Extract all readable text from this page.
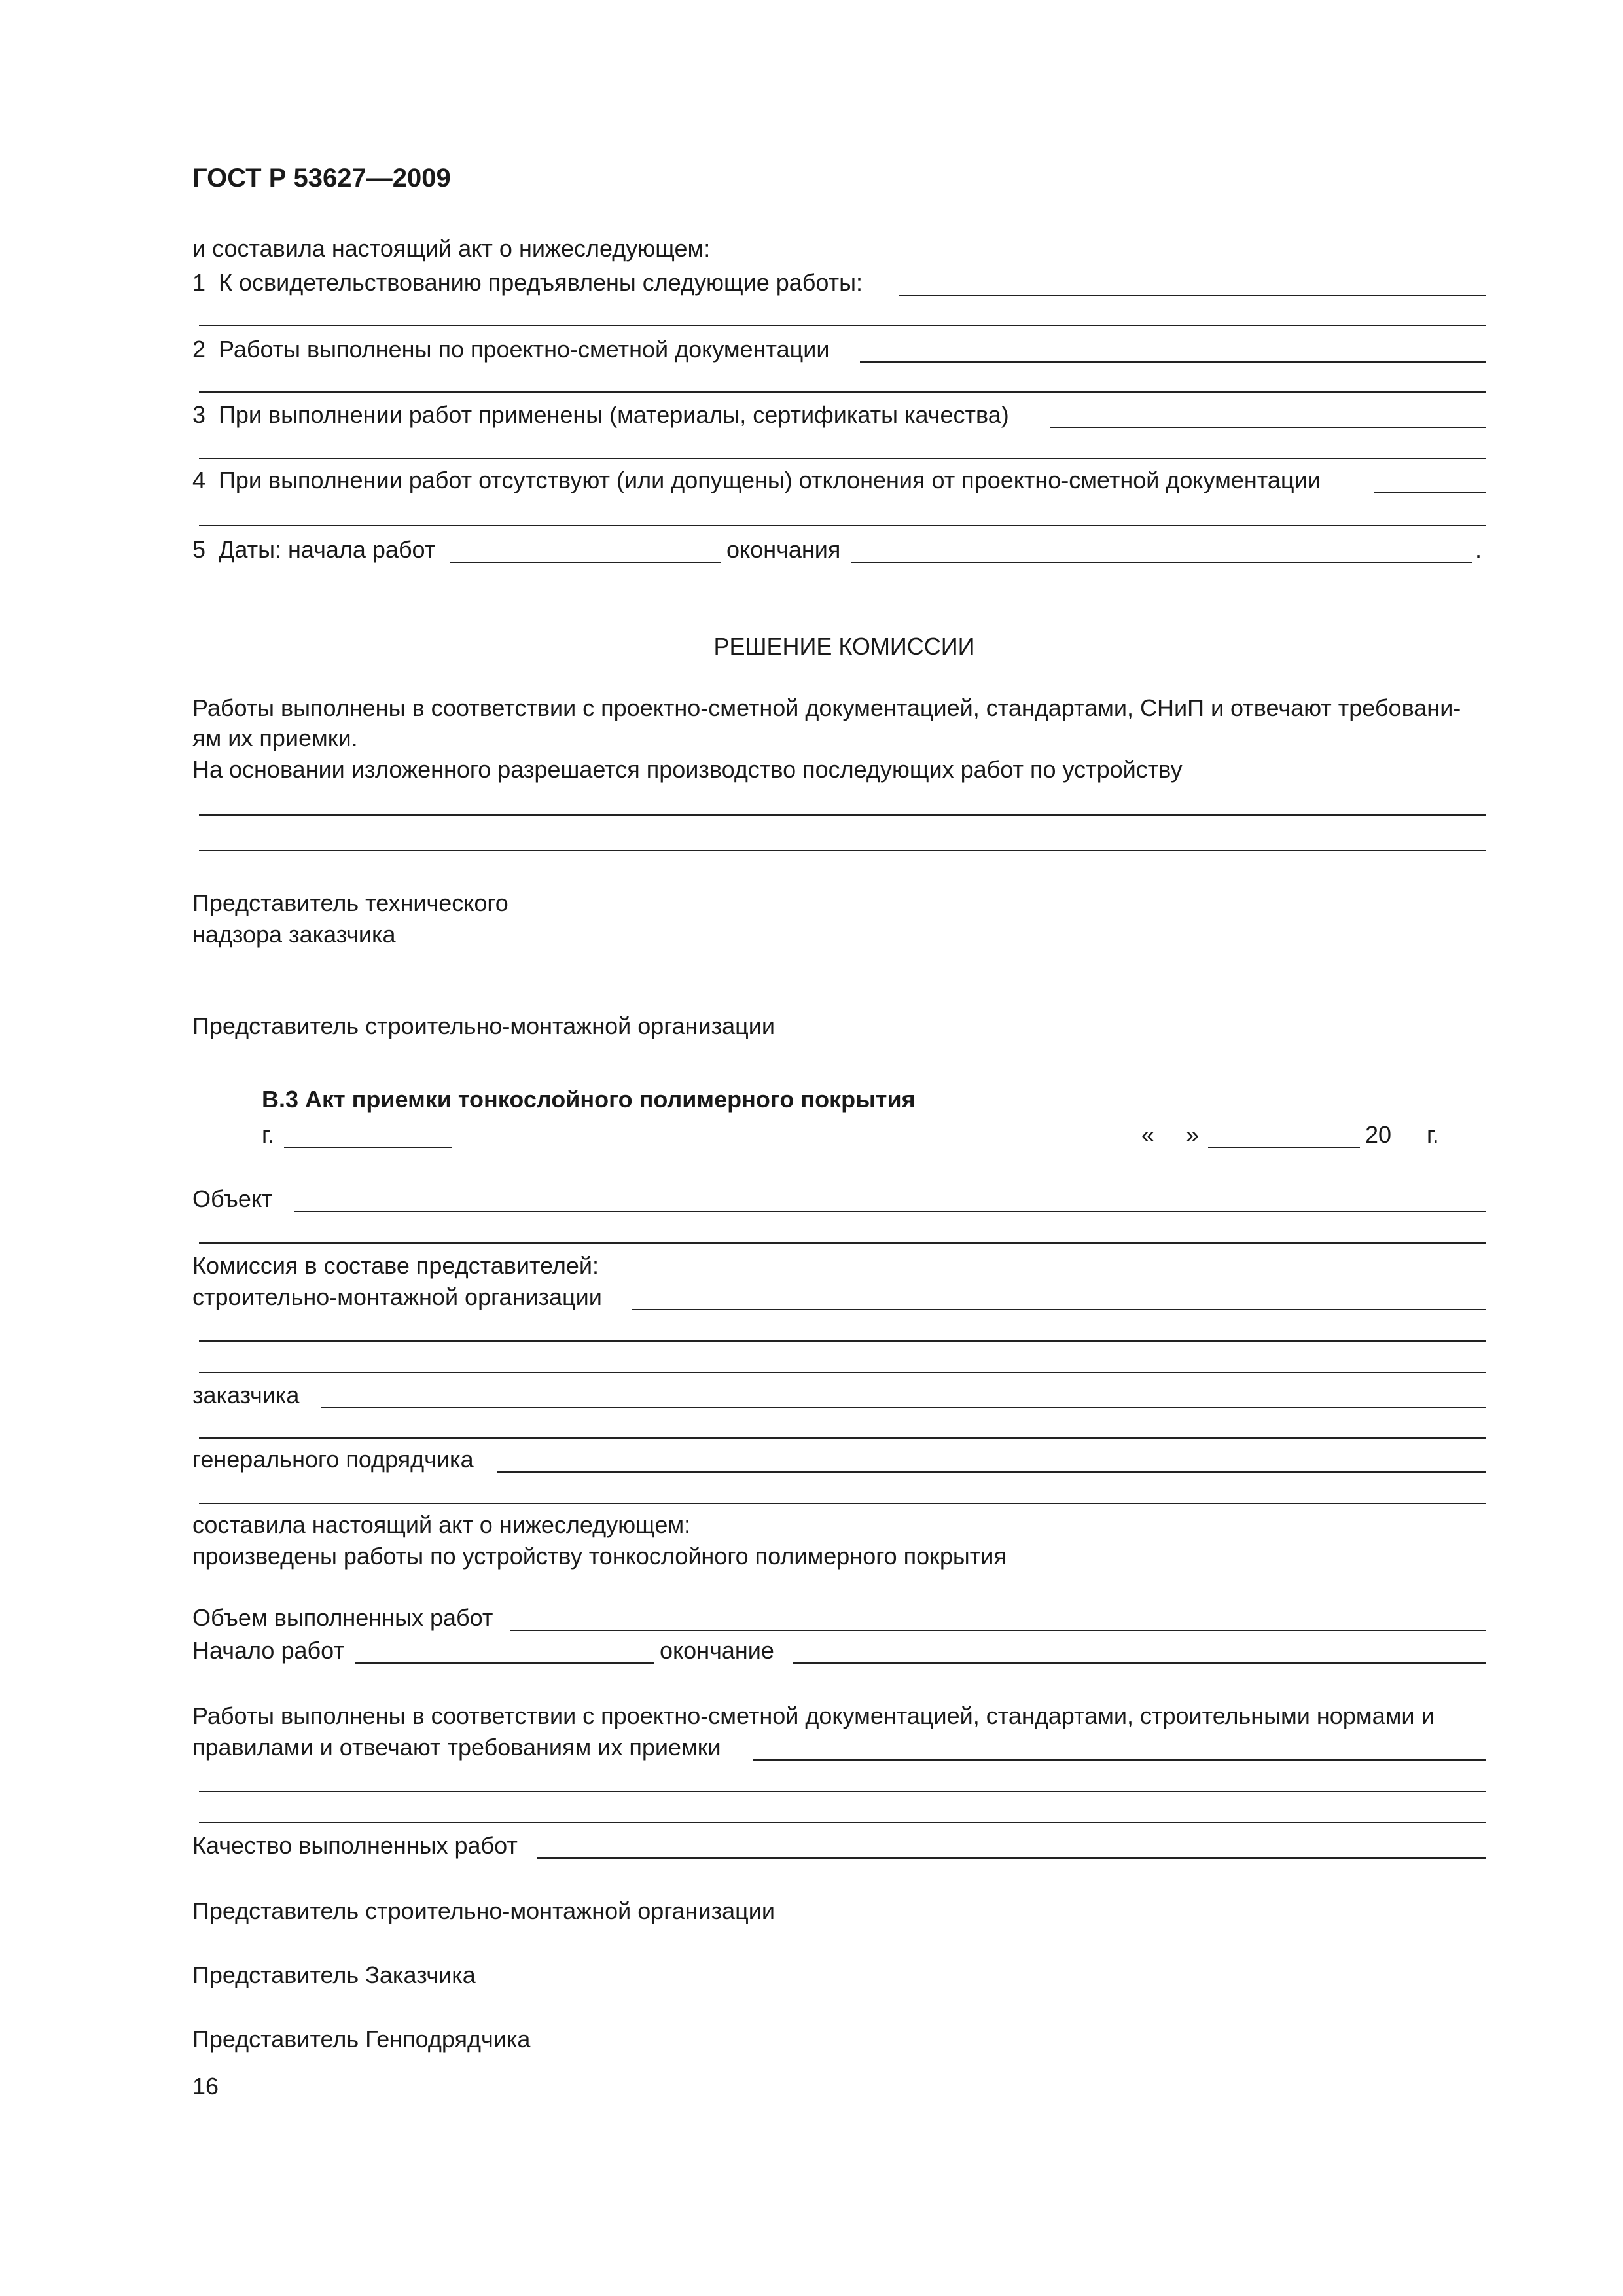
ГОСТ Р 53627—2009
и составила настоящий акт о нижеследующем:
1 К освидетельствованию предъявлены следующие работы:
2 Работы выполнены по проектно-сметной документации
3 При выполнении работ применены (материалы, сертификаты качества)
4 При выполнении работ отсутствуют (или допущены) отклонения от проектно-сметной документации
5 Даты: начала работ	окончания	.
РЕШЕНИЕ КОМИССИИ
Работы выполнены в соответствии с проектно-сметной документацией, стандартами, СНиП и отвечают требовани-
ям их приемки.
На основании изложенного разрешается производство последующих работ по устройству
Представитель технического
надзора заказчика
Представитель строительно-монтажной организации
В.3 Акт приемки тонкослойного полимерного покрытия
г.	« »	20 г.
Объект
Комиссия в составе представителей:
строительно-монтажной организации
заказчика
генерального подрядчика
составила настоящий акт о нижеследующем:
произведены работы по устройству тонкослойного полимерного покрытия
Объем выполненных работ
Начало работ	окончание
Работы выполнены в соответствии с проектно-сметной документацией, стандартами, строительными нормами и
правилами и отвечают требованиям их приемки
Качество выполненных работ
Представитель строительно-монтажной организации
Представитель Заказчика
Представитель Генподрядчика
16
